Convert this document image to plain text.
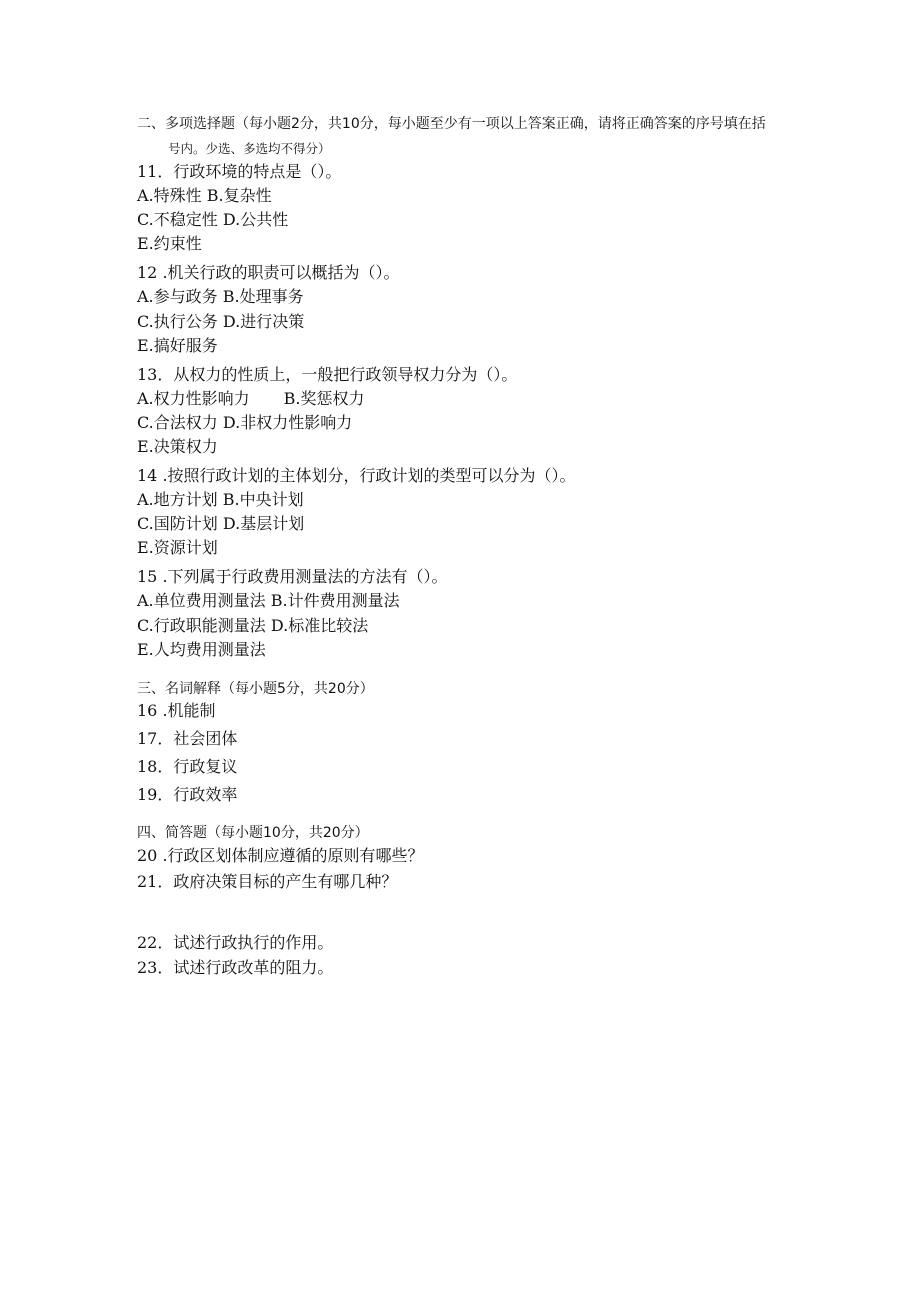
二、多项选择题（每小题2分，共10分，每小题至少有一项以上答案正确，请将正确答案的序号填在括
号内。少选、多选均不得分）
11．行政环境的特点是（）。
A.特殊性 B.复杂性
C.不稳定性 D.公共性
E.约束性
12 .机关行政的职责可以概括为（）。
A.参与政务 B.处理事务
C.执行公务 D.进行决策
E.搞好服务
13．从权力的性质上，一般把行政领导权力分为（）。
A.权力性影响力 B.奖惩权力
C.合法权力 D.非权力性影响力
E.决策权力
14 .按照行政计划的主体划分，行政计划的类型可以分为（）。
A.地方计划 B.中央计划
C.国防计划 D.基层计划
E.资源计划
15 .下列属于行政费用测量法的方法有（）。
A.单位费用测量法 B.计件费用测量法
C.行政职能测量法 D.标准比较法
E.人均费用测量法
三、名词解释（每小题5分，共20分）
16 .机能制
17．社会团体
18．行政复议
19．行政效率
四、简答题（每小题10分，共20分）
20 .行政区划体制应遵循的原则有哪些？
21．政府决策目标的产生有哪几种？
22．试述行政执行的作用。
23．试述行政改革的阻力。
